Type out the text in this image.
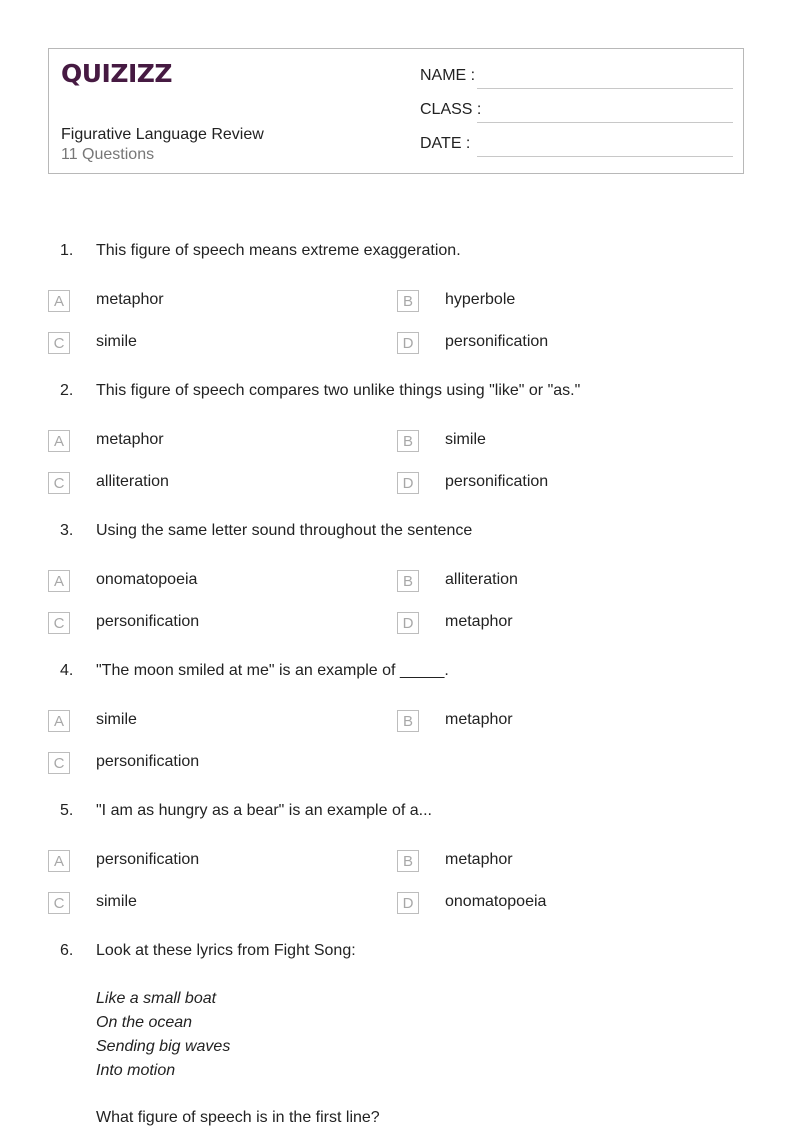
QUIZIZZ
Figurative Language Review
11 Questions
NAME :
CLASS :
DATE :
1. This figure of speech means extreme exaggeration.
A	metaphor	B	hyperbole
C	simile	D	personification
2. This figure of speech compares two unlike things using "like" or "as."
A	metaphor	B	simile
C	alliteration	D	personification
3. Using the same letter sound throughout the sentence
A	onomatopoeia	B	alliteration
C	personification	D	metaphor
4. "The moon smiled at me" is an example of _____.
A	simile	B	metaphor
C	personification
5. "I am as hungry as a bear" is an example of a...
A	personification	B	metaphor
C	simile	D	onomatopoeia
6. Look at these lyrics from Fight Song:
Like a small boat
On the ocean
Sending big waves
Into motion
What figure of speech is in the first line?
